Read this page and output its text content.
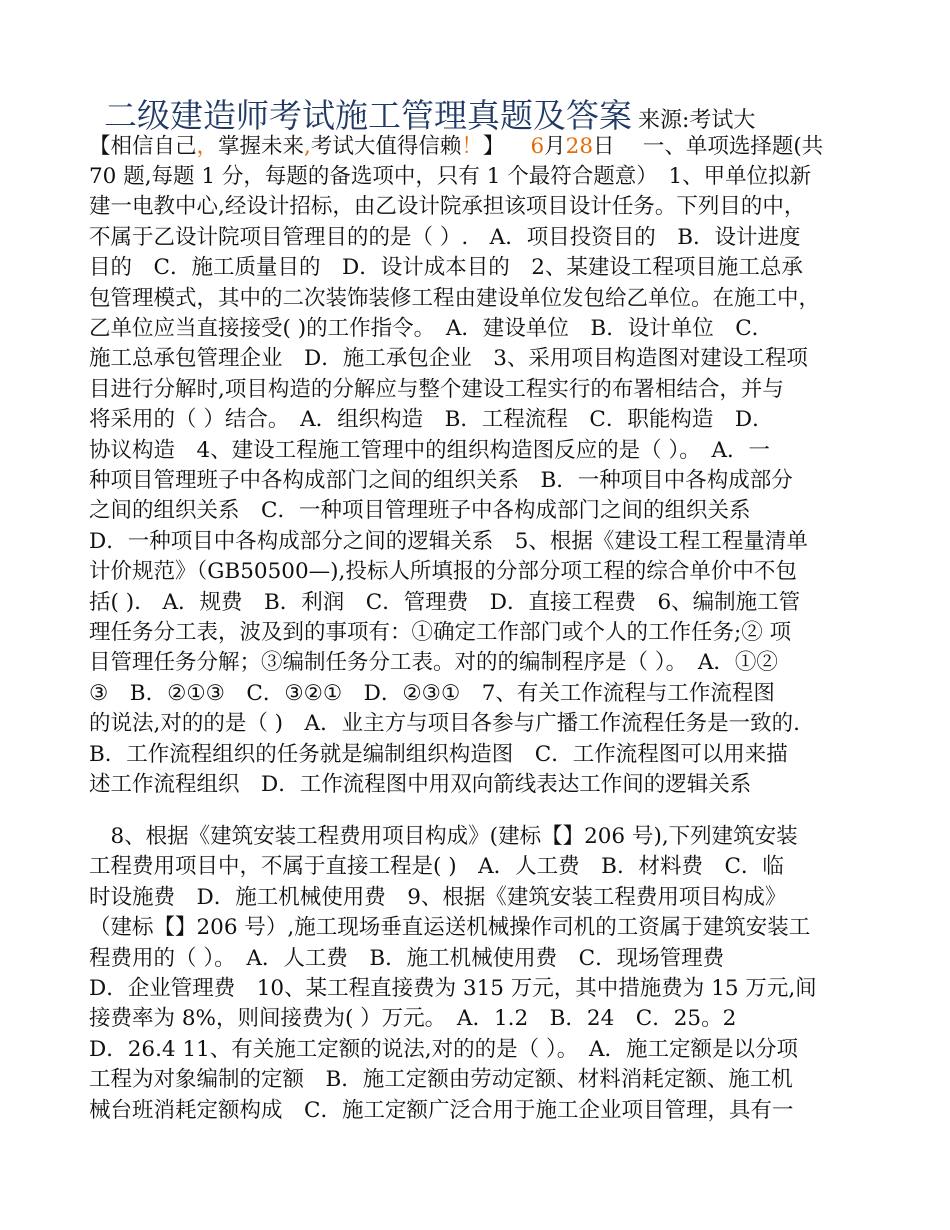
二级建造师考试施工管理真题及答案 来源:考试大
【相信自己，掌握未来,考试大值得信赖！】 6月28日　 一、单项选择题(共
70 题,每题 1 分，每题的备选项中，只有 1 个最符合题意）　1、甲单位拟新
建一电教中心,经设计招标，由乙设计院承担该项目设计任务。下列目的中，
不属于乙设计院项目管理目的的是（ ）.　A．项目投资目的　B．设计进度
目的　C．施工质量目的　D．设计成本目的　2、某建设工程项目施工总承
包管理模式，其中的二次装饰装修工程由建设单位发包给乙单位。在施工中，
乙单位应当直接接受( )的工作指令。　A．建设单位　B．设计单位　C．
施工总承包管理企业　D．施工承包企业　3、采用项目构造图对建设工程项
目进行分解时,项目构造的分解应与整个建设工程实行的布署相结合，并与
将采用的（ ）结合。　A．组织构造　B．工程流程　C．职能构造　D．
协议构造　4、建设工程施工管理中的组织构造图反应的是（ ）。　A．一
种项目管理班子中各构成部门之间的组织关系　B．一种项目中各构成部分
之间的组织关系　C．一种项目管理班子中各构成部门之间的组织关系
D．一种项目中各构成部分之间的逻辑关系　5、根据《建设工程工程量清单
计价规范》（GB50500—),投标人所填报的分部分项工程的综合单价中不包
括( ).　A．规费　B．利润　C．管理费　D．直接工程费　6、编制施工管
理任务分工表，波及到的事项有：①确定工作部门或个人的工作任务;② 项
目管理任务分解；③编制任务分工表。对的的编制程序是（ ）。　A．①②
③　B．②①③　C．③②①　D．②③①　7、有关工作流程与工作流程图
的说法,对的的是（ )　A．业主方与项目各参与广播工作流程任务是一致的.
B．工作流程组织的任务就是编制组织构造图　C．工作流程图可以用来描
述工作流程组织　D．工作流程图中用双向箭线表达工作间的逻辑关系
　8、根据《建筑安装工程费用项目构成》(建标【】206 号),下列建筑安装
工程费用项目中，不属于直接工程是( )　A．人工费　B．材料费　C．临
时设施费　D．施工机械使用费　9、根据《建筑安装工程费用项目构成》
（建标【】206 号）,施工现场垂直运送机械操作司机的工资属于建筑安装工
程费用的（ ）。　A．人工费　B．施工机械使用费　C．现场管理费
D．企业管理费　10、某工程直接费为 315 万元，其中措施费为 15 万元,间
接费率为 8%，则间接费为( ）万元。　A．1.2　B．24　C．25。2
D．26.4 11、有关施工定额的说法,对的的是（ ）。　A．施工定额是以分项
工程为对象编制的定额　B．施工定额由劳动定额、材料消耗定额、施工机
械台班消耗定额构成　C．施工定额广泛合用于施工企业项目管理，具有一
